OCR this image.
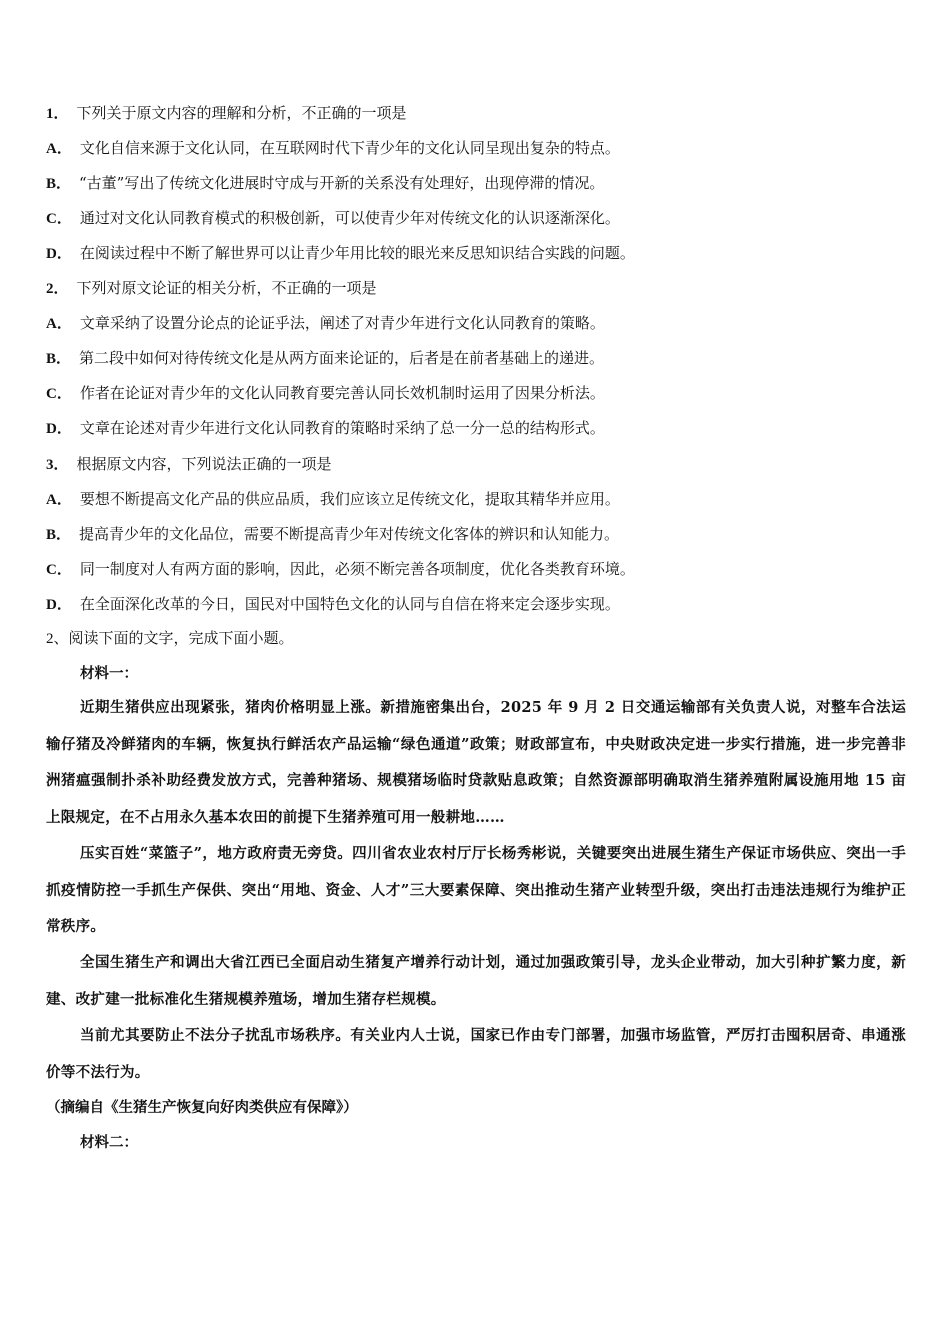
1． 下列关于原文内容的理解和分析，不正确的一项是
A． 文化自信来源于文化认同，在互联网时代下青少年的文化认同呈现出复杂的特点。
B． “古董”写出了传统文化进展时守成与开新的关系没有处理好，出现停滞的情况。
C． 通过对文化认同教育模式的积极创新，可以使青少年对传统文化的认识逐渐深化。
D． 在阅读过程中不断了解世界可以让青少年用比较的眼光来反思知识结合实践的问题。
2． 下列对原文论证的相关分析，不正确的一项是
A． 文章采纳了设置分论点的论证乎法，阐述了对青少年进行文化认同教育的策略。
B． 第二段中如何对待传统文化是从两方面来论证的，后者是在前者基础上的递进。
C． 作者在论证对青少年的文化认同教育要完善认同长效机制时运用了因果分析法。
D． 文章在论述对青少年进行文化认同教育的策略时采纳了总一分一总的结构形式。
3． 根据原文内容，下列说法正确的一项是
A． 要想不断提高文化产品的供应品质，我们应该立足传统文化，提取其精华并应用。
B． 提高青少年的文化品位，需要不断提高青少年对传统文化客体的辨识和认知能力。
C． 同一制度对人有两方面的影响，因此，必须不断完善各项制度，优化各类教育环境。
D． 在全面深化改革的今日，国民对中国特色文化的认同与自信在将来定会逐步实现。
2、阅读下面的文字，完成下面小题。
材料一：
近期生猪供应出现紧张，猪肉价格明显上涨。新措施密集出台，2025 年 9 月 2 日交通运输部有关负责人说，对整车合法运输仔猪及冷鲜猪肉的车辆，恢复执行鲜活农产品运输“绿色通道”政策；财政部宣布，中央财政决定进一步实行措施，进一步完善非洲猪瘟强制扑杀补助经费发放方式，完善种猪场、规模猪场临时贷款贴息政策；自然资源部明确取消生猪养殖附属设施用地 15 亩上限规定，在不占用永久基本农田的前提下生猪养殖可用一般耕地……
压实百姓“菜篮子”，地方政府责无旁贷。四川省农业农村厅厅长杨秀彬说，关键要突出进展生猪生产保证市场供应、突出一手抓疫情防控一手抓生产保供、突出“用地、资金、人才”三大要素保障、突出推动生猪产业转型升级，突出打击违法违规行为维护正常秩序。
全国生猪生产和调出大省江西已全面启动生猪复产增养行动计划，通过加强政策引导，龙头企业带动，加大引种扩繁力度，新建、改扩建一批标准化生猪规模养殖场，增加生猪存栏规模。
当前尤其要防止不法分子扰乱市场秩序。有关业内人士说，国家已作由专门部署，加强市场监管，严厉打击囤积居奇、串通涨价等不法行为。
（摘编自《生猪生产恢复向好肉类供应有保障》）
材料二：
